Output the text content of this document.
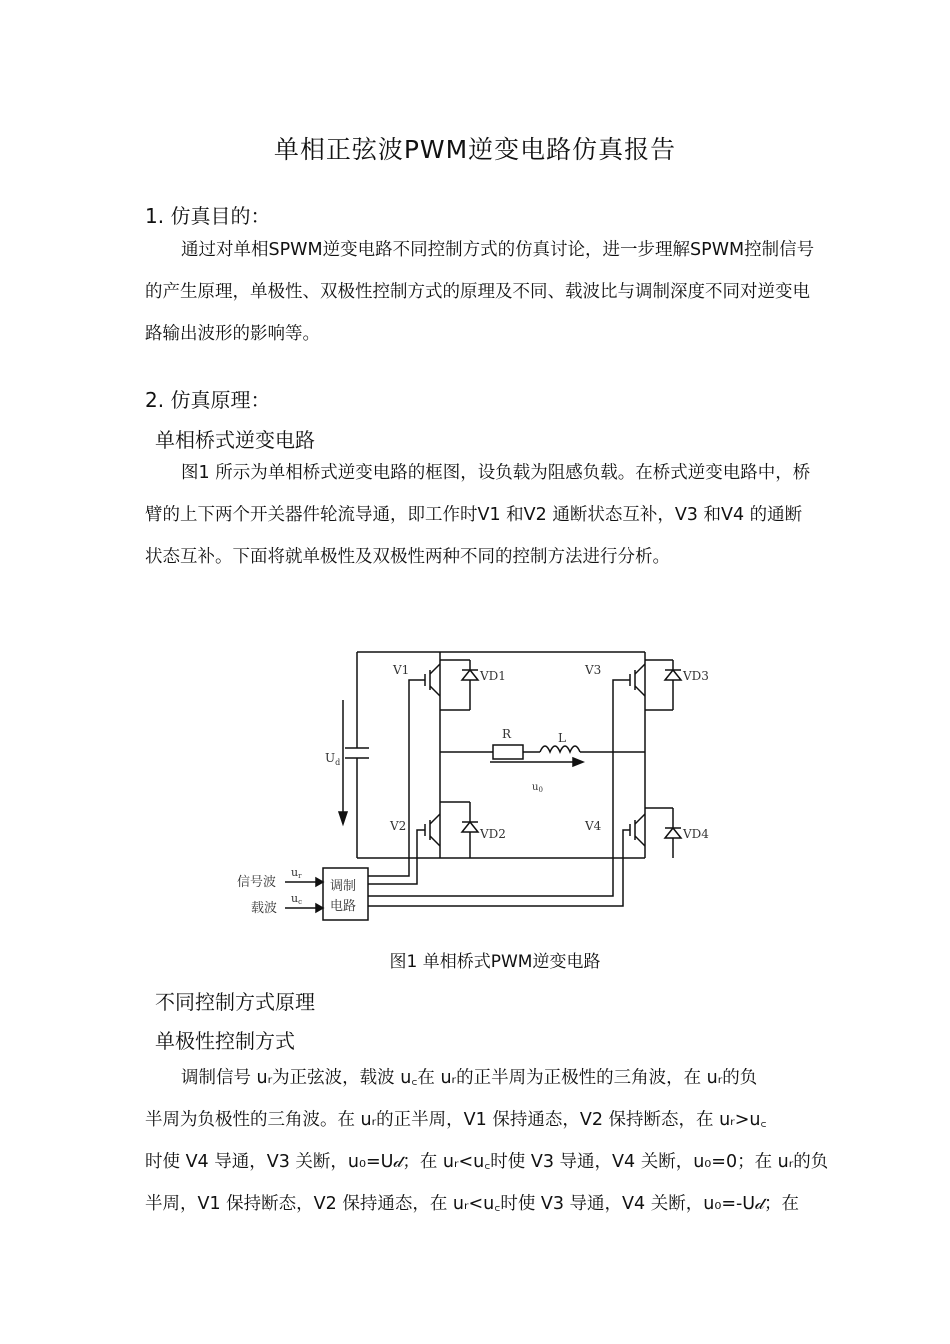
单相正弦波PWM逆变电路仿真报告
1. 仿真目的：
通过对单相SPWM逆变电路不同控制方式的仿真讨论，进一步理解SPWM控制信号的产生原理，单极性、双极性控制方式的原理及不同、载波比与调制深度不同对逆变电路输出波形的影响等。
2. 仿真原理：
单相桥式逆变电路
图1 所示为单相桥式逆变电路的框图，设负载为阻感负载。在桥式逆变电路中，桥臂的上下两个开关器件轮流导通，即工作时V1 和V2 通断状态互补，V3 和V4 的通断状态互补。下面将就单极性及双极性两种不同的控制方法进行分析。
V1	VD1
V2
VD2
V3	VD3
V4
VD4
$U_d$
R	L
$u_0$
ur
uc
信号波
载波
调制
电路
图1 单相桥式PWM逆变电路
不同控制方式原理
单极性控制方式
调制信号 uᵣ为正弦波，载波 u꜀在 uᵣ的正半周为正极性的三角波，在 uᵣ的负
半周为负极性的三角波。在 uᵣ的正半周，V1 保持通态，V2 保持断态，在 uᵣ>u꜀
时使 V4 导通，V3 关断，u₀=U𝒹；在 uᵣ<u꜀时使 V3 导通，V4 关断，u₀=0；在 uᵣ的负
半周，V1 保持断态，V2 保持通态，在 uᵣ<u꜀时使 V3 导通，V4 关断，u₀=-U𝒹；在
